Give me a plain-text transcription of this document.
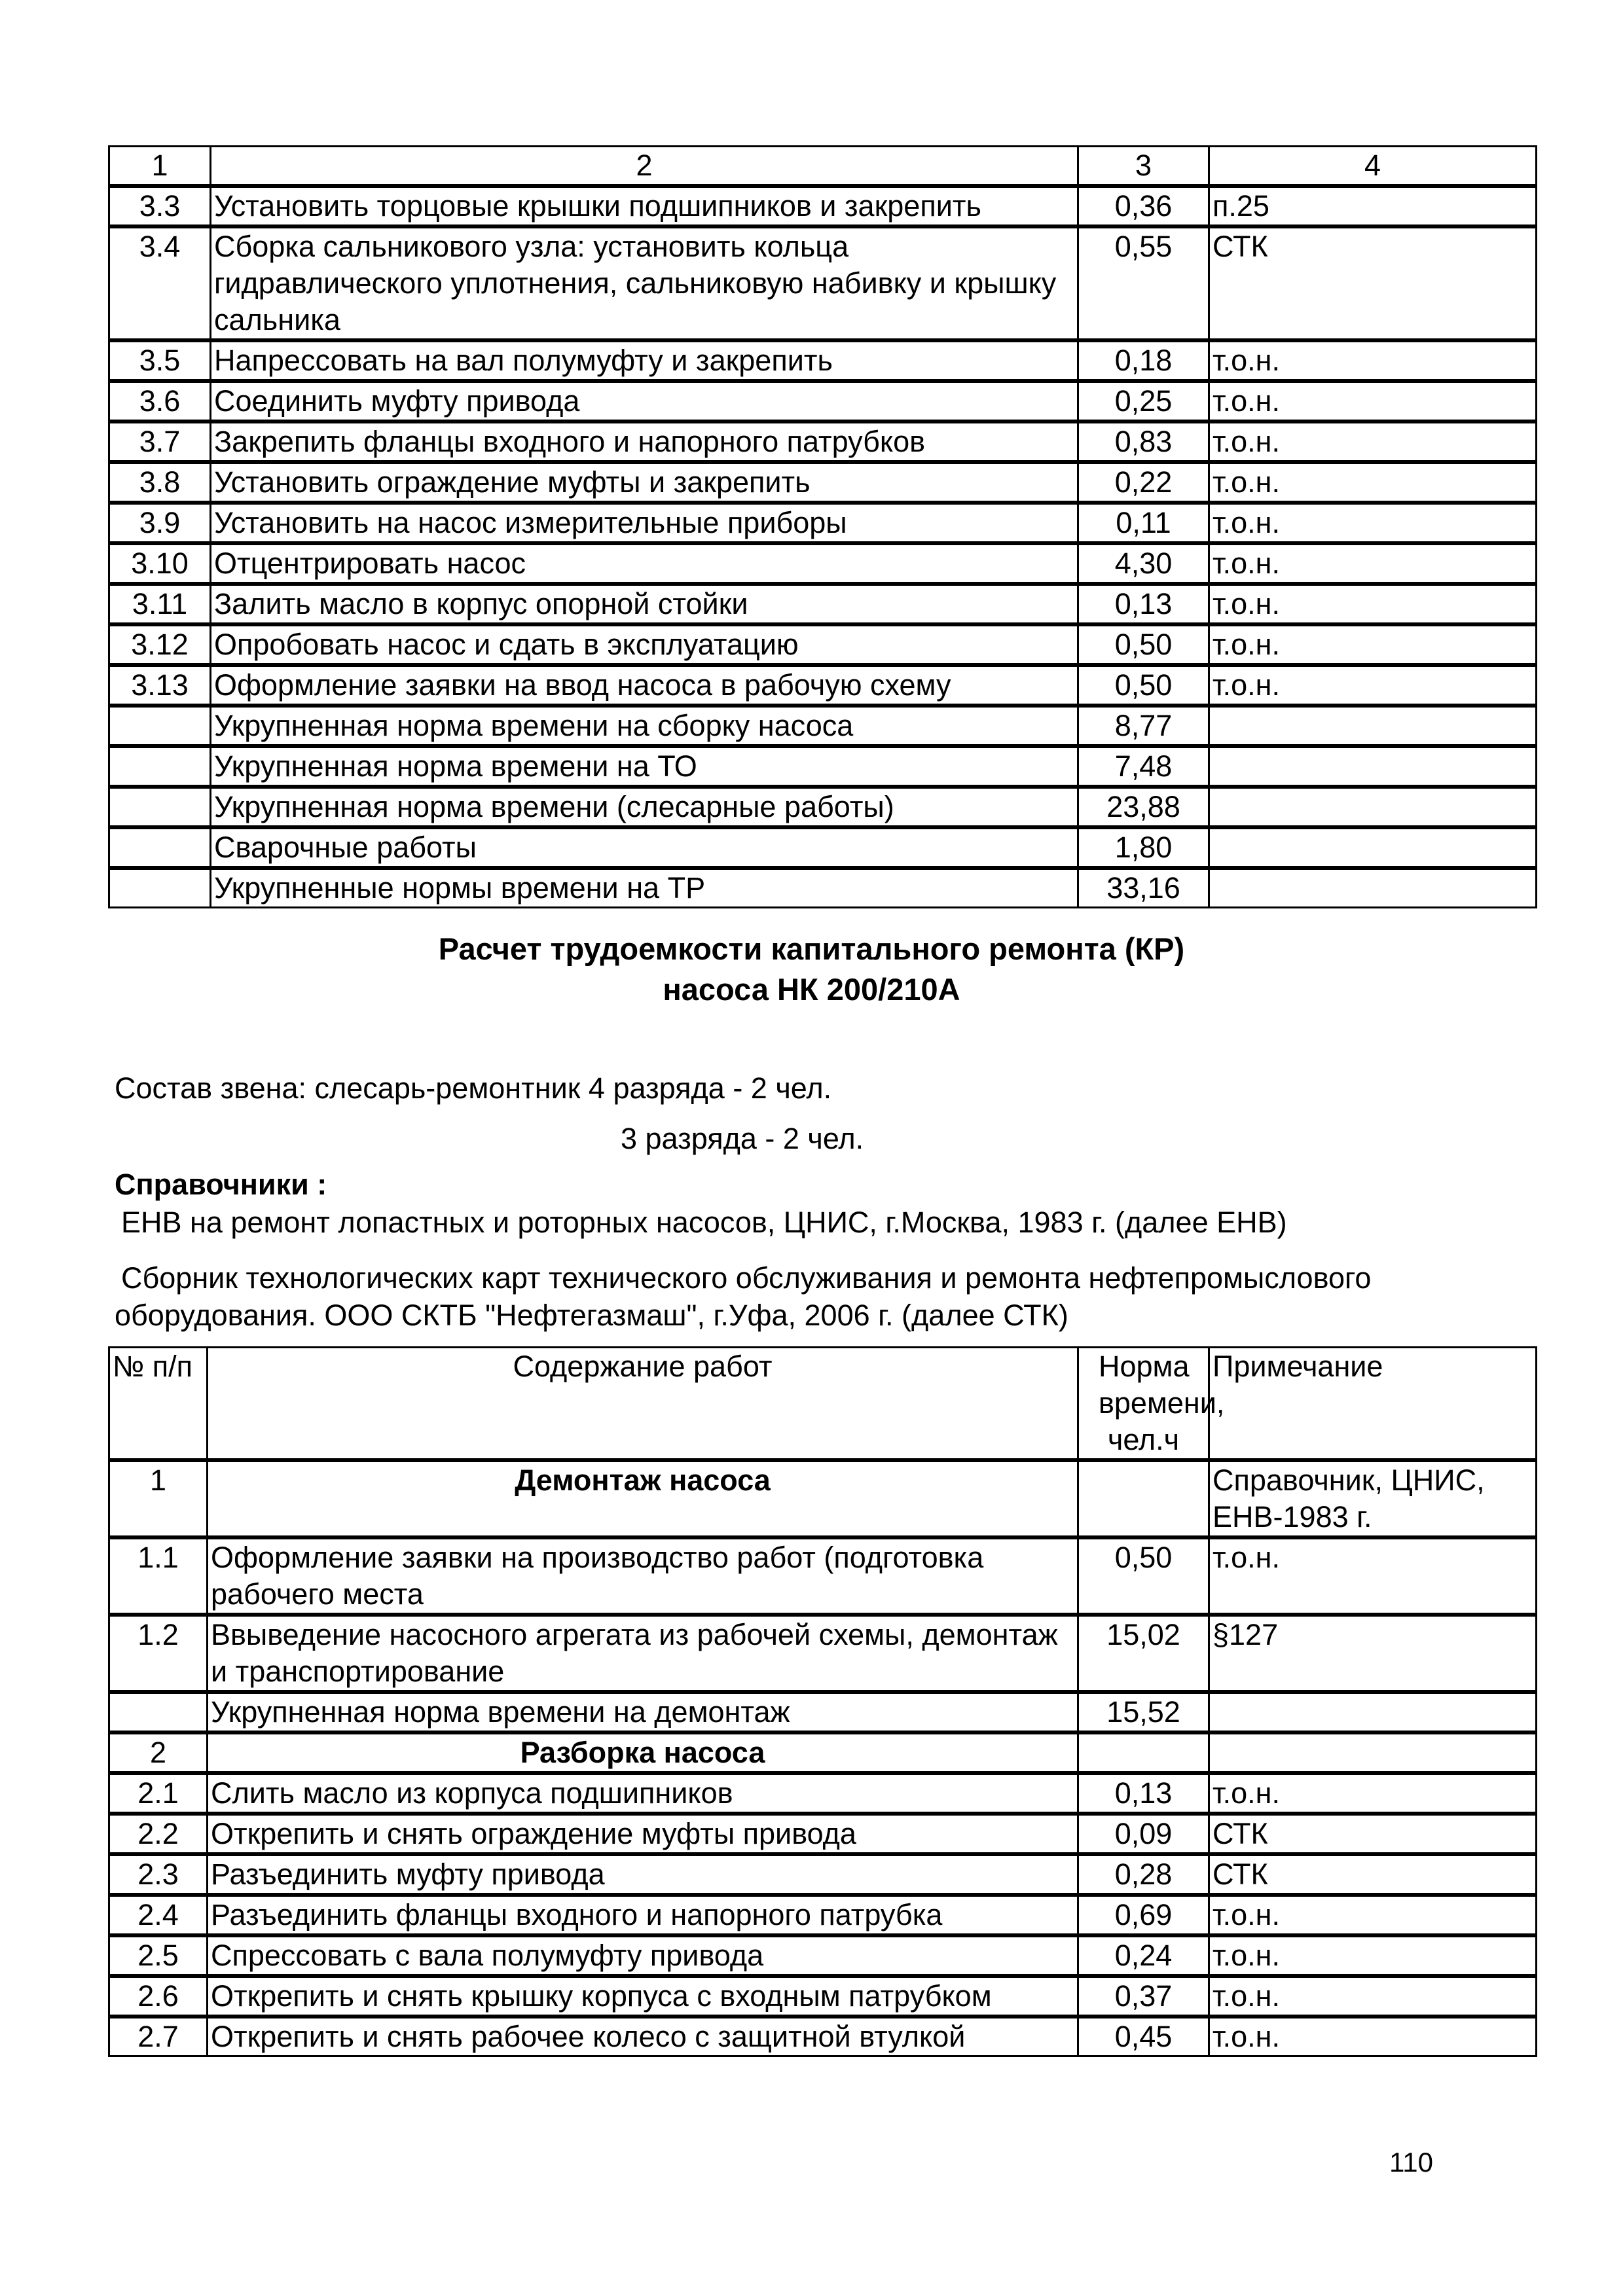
1	2	3	4
3.3	Установить торцовые крышки подшипников и закрепить	0,36	п.25
3.4	Сборка сальникового узла: установить кольца гидравлического уплотнения, сальниковую набивку и крышку сальника	0,55	СТК
3.5	Напрессовать на вал полумуфту и закрепить	0,18	т.о.н.
3.6	Соединить муфту привода	0,25	т.о.н.
3.7	Закрепить фланцы входного и напорного патрубков	0,83	т.о.н.
3.8	Установить ограждение муфты и закрепить	0,22	т.о.н.
3.9	Установить на насос измерительные приборы	0,11	т.о.н.
3.10	Отцентрировать насос	4,30	т.о.н.
3.11	Залить масло в корпус опорной стойки	0,13	т.о.н.
3.12	Опробовать насос и сдать в эксплуатацию	0,50	т.о.н.
3.13	Оформление заявки на ввод насоса в рабочую схему	0,50	т.о.н.
	Укрупненная норма времени на сборку насоса	8,77	
	Укрупненная норма времени на ТО	7,48	
	Укрупненная норма времени (слесарные работы)	23,88	
	Сварочные работы	1,80	
	Укрупненные нормы времени на ТР	33,16	
Расчет трудоемкости капитального ремонта (КР)
насоса НК 200/210А
Состав звена: слесарь-ремонтник 4 разряда - 2 чел.
3 разряда - 2 чел.
Справочники :
ЕНВ на ремонт лопастных и роторных насосов, ЦНИС, г.Москва, 1983 г. (далее ЕНВ)
Сборник технологических карт технического обслуживания и ремонта нефтепромыслового
оборудования. ООО СКТБ "Нефтегазмаш", г.Уфа, 2006 г. (далее СТК)
№ п/п	Содержание работ	Норма времени, чел.ч	Примечание
1	Демонтаж насоса		Справочник, ЦНИС, ЕНВ-1983 г.
1.1	Оформление заявки на производство работ (подготовка рабочего места	0,50	т.о.н.
1.2	Ввыведение насосного агрегата из рабочей схемы, демонтаж и транспортирование	15,02	§127
	Укрупненная норма времени на демонтаж	15,52	
2	Разборка насоса		
2.1	Слить масло из корпуса подшипников	0,13	т.о.н.
2.2	Открепить и снять ограждение муфты привода	0,09	СТК
2.3	Разъединить муфту привода	0,28	СТК
2.4	Разъединить фланцы входного и напорного патрубка	0,69	т.о.н.
2.5	Спрессовать с вала полумуфту привода	0,24	т.о.н.
2.6	Открепить и снять крышку корпуса с входным патрубком	0,37	т.о.н.
2.7	Открепить и снять рабочее колесо с защитной втулкой	0,45	т.о.н.
110
